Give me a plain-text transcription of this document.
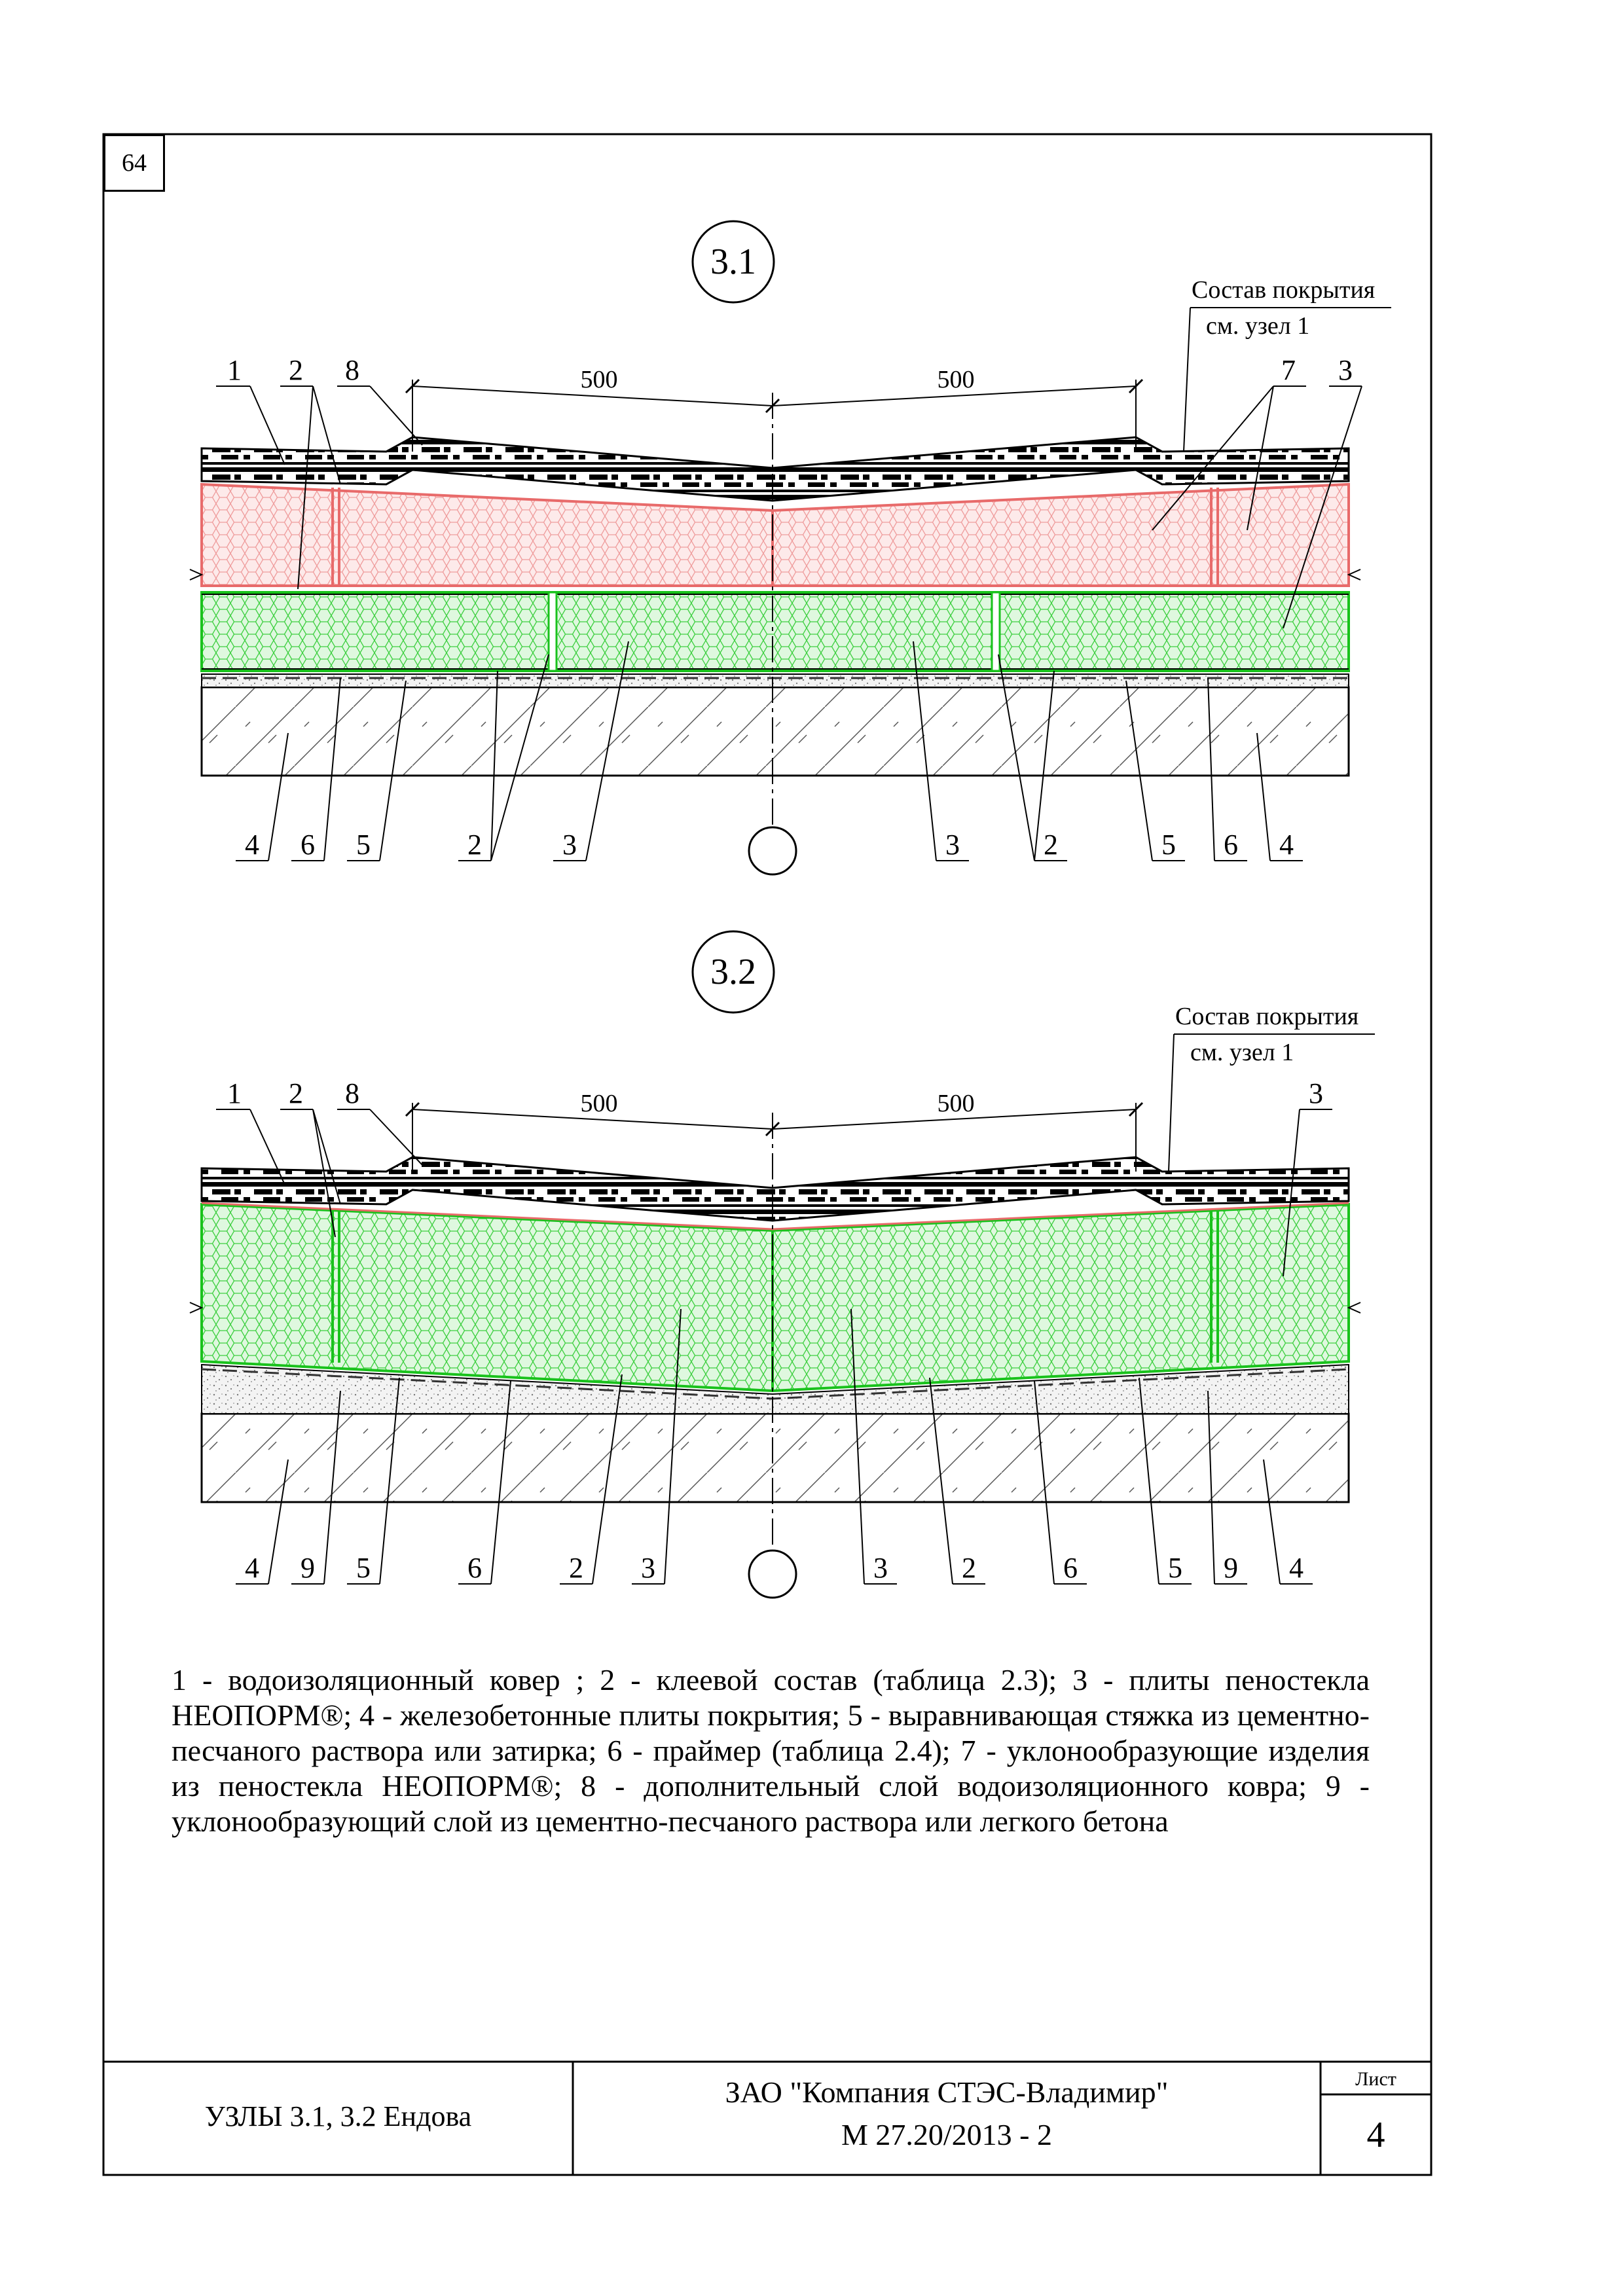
3.1
500	500
Состав покрытия
см. узел 1
1 2 8	7 3
4 6 5	2	3	3	2	5 6 4
3.2
500	500
Состав покрытия
см. узел 1
1 2 8	3
4 9 5	6	2 3	3	2	6	5 9 4
64
1 - водоизоляционный ковер ; 2 - клеевой состав (таблица 2.3); 3 - плиты пеностекла НЕОПОРМ®; 4 - железобетонные плиты покрытия; 5 - выравнивающая стяжка из цементно-песчаного раствора или затирка; 6 - праймер (таблица 2.4); 7 - уклонообразующие изделия из пеностекла НЕОПОРМ®; 8 - дополнительный слой водоизоляционного ковра; 9 - уклонообразующий слой из цементно-песчаного раствора или легкого бетона
УЗЛЫ 3.1, 3.2 Ендова
ЗАО "Компания СТЭС-Владимир"
М 27.20/2013 - 2
Лист
4
